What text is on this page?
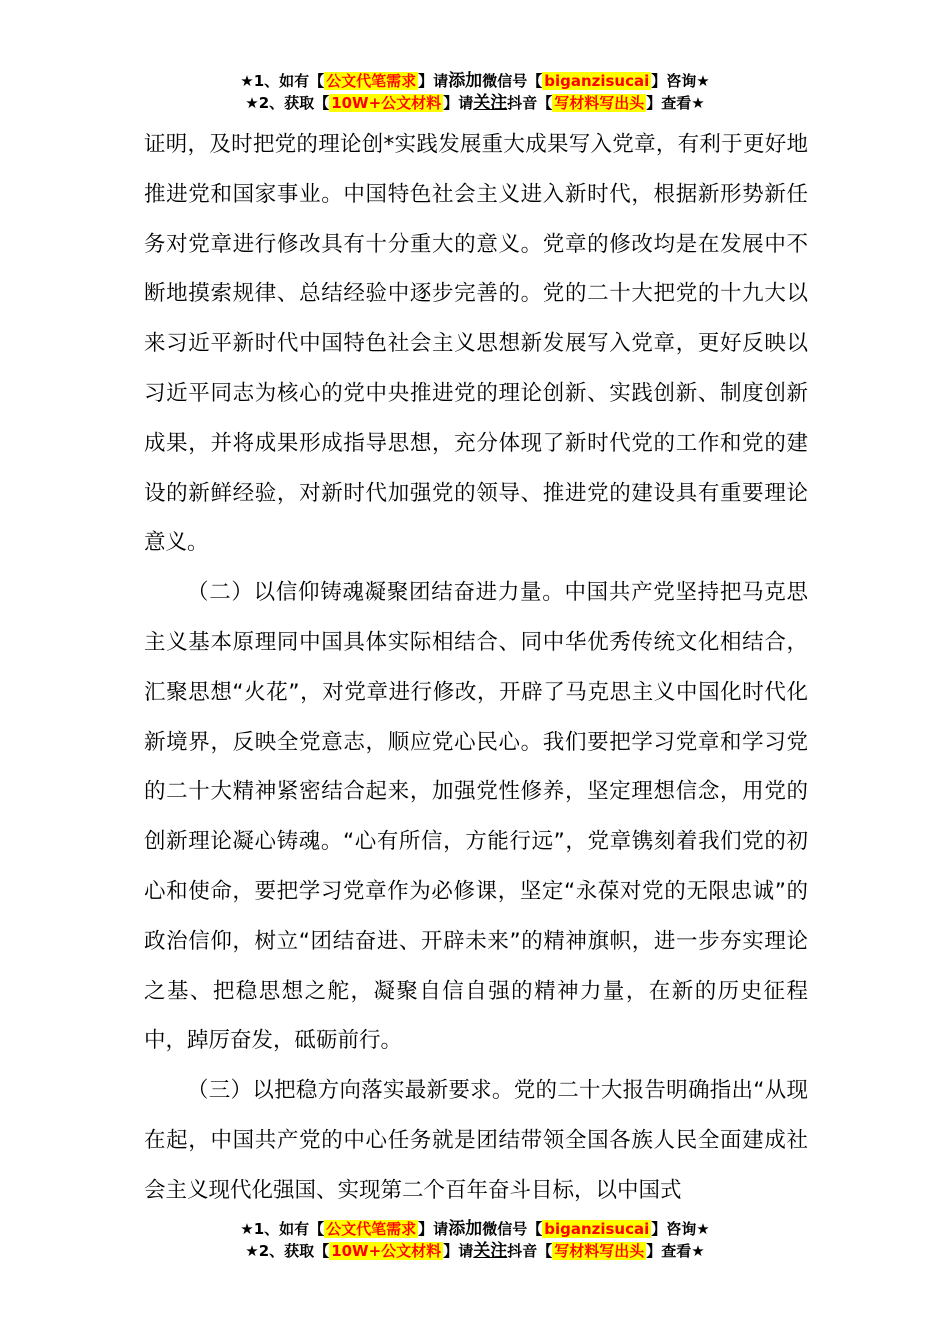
★1、如有【 公文代笔需求 】请添加微信号【 biganzisucai 】咨询★
★2、获取【 10W+公文材料 】请关注抖音【 写材料写出头 】查看★

证明，及时把党的理论创*实践发展重大成果写入党章，有利于更好地推进党和国家事业。中国特色社会主义进入新时代，根据新形势新任务对党章进行修改具有十分重大的意义。党章的修改均是在发展中不断地摸索规律、总结经验中逐步完善的。党的二十大把党的十九大以来习近平新时代中国特色社会主义思想新发展写入党章，更好反映以习近平同志为核心的党中央推进党的理论创新、实践创新、制度创新成果，并将成果形成指导思想，充分体现了新时代党的工作和党的建设的新鲜经验，对新时代加强党的领导、推进党的建设具有重要理论意义。

（二）以信仰铸魂凝聚团结奋进力量。中国共产党坚持把马克思主义基本原理同中国具体实际相结合、同中华优秀传统文化相结合，汇聚思想“火花”，对党章进行修改，开辟了马克思主义中国化时代化新境界，反映全党意志，顺应党心民心。我们要把学习党章和学习党的二十大精神紧密结合起来，加强党性修养，坚定理想信念，用党的创新理论凝心铸魂。“心有所信，方能行远”，党章镌刻着我们党的初心和使命，要把学习党章作为必修课，坚定“永葆对党的无限忠诚”的政治信仰，树立“团结奋进、开辟未来”的精神旗帜，进一步夯实理论之基、把稳思想之舵，凝聚自信自强的精神力量，在新的历史征程中，踔厉奋发，砥砺前行。

（三）以把稳方向落实最新要求。党的二十大报告明确指出“从现在起，中国共产党的中心任务就是团结带领全国各族人民全面建成社会主义现代化强国、实现第二个百年奋斗目标，以中国式

★1、如有【 公文代笔需求 】请添加微信号【 biganzisucai 】咨询★
★2、获取【 10W+公文材料 】请关注抖音【 写材料写出头 】查看★
